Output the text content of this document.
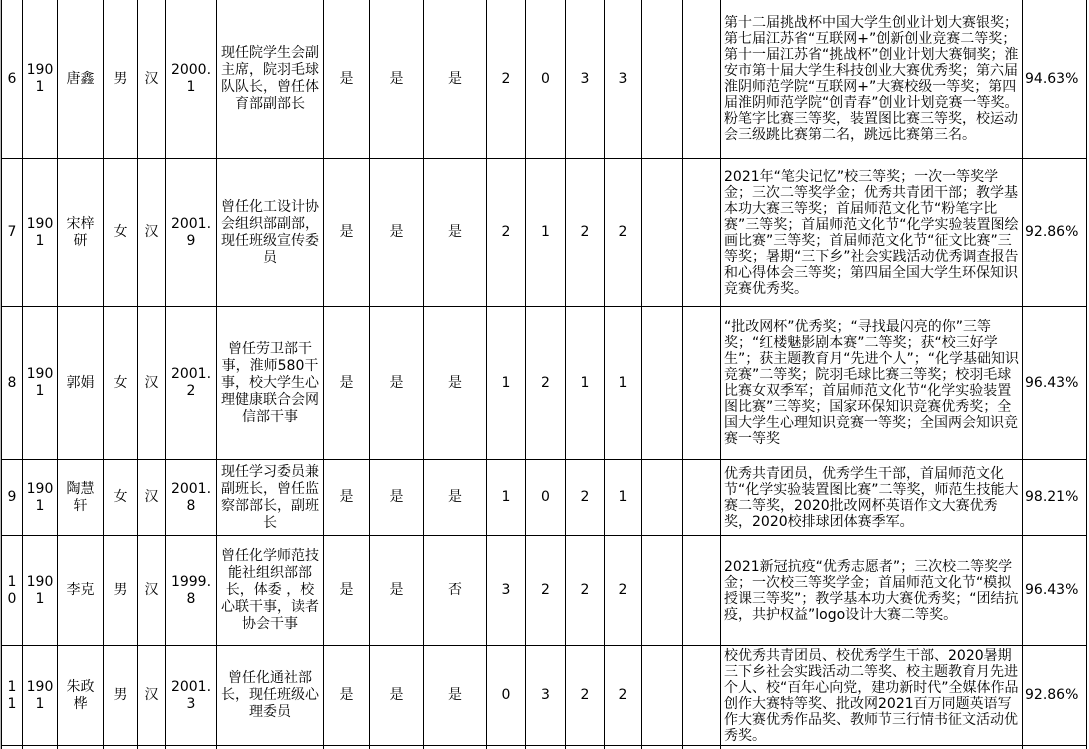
6	1901	唐鑫	男	汉	2000.1	现任院学生会副主席，院羽毛球队队长，曾任体育部副部长	是	是	是	2	0	3	3			第十二届挑战杯中国大学生创业计划大赛银奖；第七届江苏省“互联网+”创新创业竞赛二等奖；第十一届江苏省“挑战杯”创业计划大赛铜奖；淮安市第十届大学生科技创业大赛优秀奖；第六届淮阴师范学院“互联网+”大赛校级一等奖；第四届淮阴师范学院“创青春”创业计划竞赛一等奖。粉笔字比赛三等奖，装置图比赛三等奖，校运动会三级跳比赛第二名，跳远比赛第三名。	94.63%
7	1901	宋梓研	女	汉	2001.9	曾任化工设计协会组织部副部，现任班级宣传委员	是	是	是	2	1	2	2			2021年“笔尖记忆”校三等奖；一次一等奖学金；三次二等奖学金；优秀共青团干部；教学基本功大赛三等奖；首届师范文化节“粉笔字比赛”三等奖；首届师范文化节“化学实验装置图绘画比赛”三等奖；首届师范文化节“征文比赛”三等奖；暑期“三下乡”社会实践活动优秀调查报告和心得体会三等奖；第四届全国大学生环保知识竞赛优秀奖。	92.86%
8	1901	郭娟	女	汉	2001.2	曾任劳卫部干事，淮师580干事，校大学生心理健康联合会网信部干事	是	是	是	1	2	1	1			“批改网杯”优秀奖；“寻找最闪亮的你”三等奖；“红楼魅影剧本赛”二等奖；获“校三好学生”；获主题教育月“先进个人”；“化学基础知识竞赛”二等奖；院羽毛球比赛三等奖；校羽毛球比赛女双季军；首届师范文化节“化学实验装置图比赛”三等奖；国家环保知识竞赛优秀奖；全国大学生心理知识竞赛一等奖；全国两会知识竞赛一等奖	96.43%
9	1901	陶慧轩	女	汉	2001.8	现任学习委员兼副班长，曾任监察部部长，副班长	是	是	是	1	0	2	1			优秀共青团员，优秀学生干部，首届师范文化节“化学实验装置图比赛”二等奖，师范生技能大赛二等奖，2020批改网杯英语作文大赛优秀奖，2020校排球团体赛季军。	98.21%
10	1901	李克	男	汉	1999.8	曾任化学师范技能社组织部部长，体委 ，校心联干事，读者协会干事	是	是	否	3	2	2	2			2021新冠抗疫“优秀志愿者”；三次校二等奖学金；一次校三等奖学金；首届师范文化节“模拟授课三等奖”；教学基本功大赛优秀奖；“团结抗疫，共护权益”logo设计大赛二等奖。	96.43%
11	1901	朱政桦	男	汉	2001.3	曾任化通社部长，现任班级心理委员	是	是	是	0	3	2	2			校优秀共青团员、校优秀学生干部、2020暑期三下乡社会实践活动二等奖、校主题教育月先进个人、校“百年心向党，建功新时代”全媒体作品创作大赛特等奖、批改网2021百万同题英语写作大赛优秀作品奖、教师节三行情书征文活动优秀奖。	92.86%
